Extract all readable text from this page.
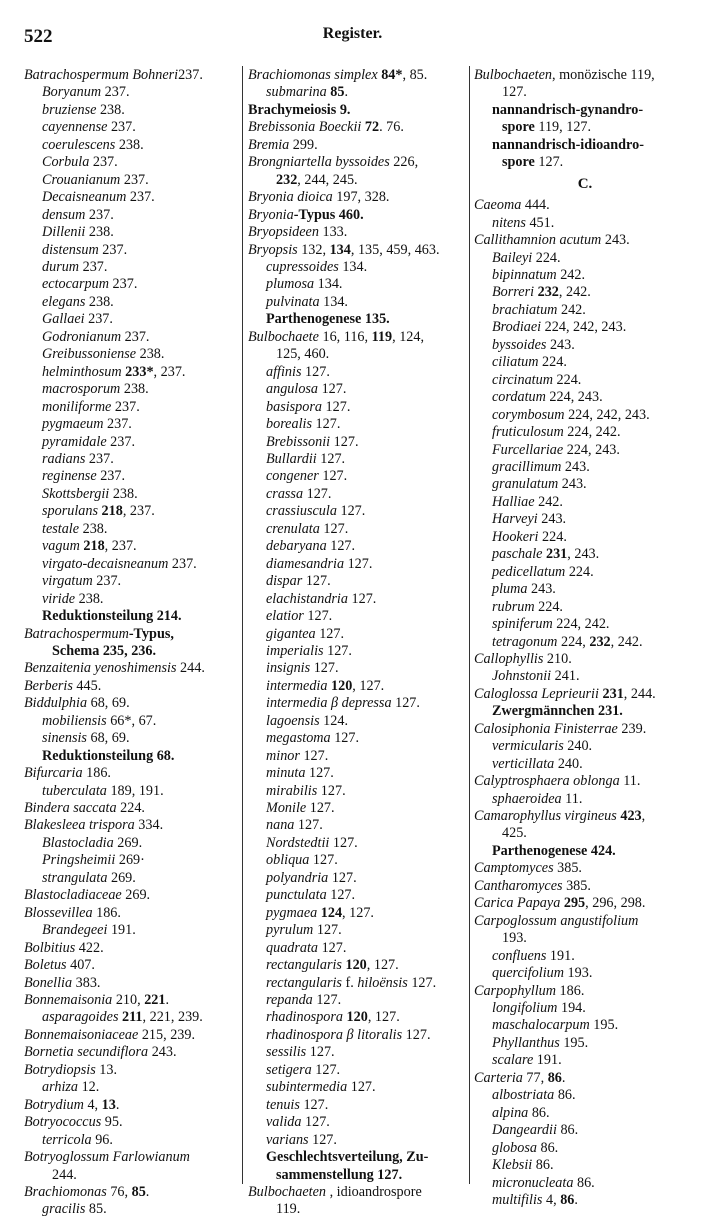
522	Register.
Batrachospermum Bohneri237.
Boryanum 237.
bruziense 238.
cayennense 237.
coerulescens 238.
Corbula 237.
Crouanianum 237.
Decaisneanum 237.
densum 237.
Dillenii 238.
distensum 237.
durum 237.
ectocarpum 237.
elegans 238.
Gallaei 237.
Godronianum 237.
Greibussoniense 238.
helminthosum 233*, 237.
macrosporum 238.
moniliforme 237.
pygmaeum 237.
pyramidale 237.
radians 237.
reginense 237.
Skottsbergii 238.
sporulans 218, 237.
testale 238.
vagum 218, 237.
virgato-decaisneanum 237.
virgatum 237.
viride 238.
Reduktionsteilung 214.
Batrachospermum-Typus,
Schema 235, 236.
Benzaitenia yenoshimensis 244.
Berberis 445.
Biddulphia 68, 69.
mobiliensis 66*, 67.
sinensis 68, 69.
Reduktionsteilung 68.
Bifurcaria 186.
tuberculata 189, 191.
Bindera saccata 224.
Blakesleea trispora 334.
Blastocladia 269.
Pringsheimii 269·
strangulata 269.
Blastocladiaceae 269.
Blossevillea 186.
Brandegeei 191.
Bolbitius 422.
Boletus 407.
Bonellia 383.
Bonnemaisonia 210, 221.
asparagoides 211, 221, 239.
Bonnemaisoniaceae 215, 239.
Bornetia secundiflora 243.
Botrydiopsis 13.
arhiza 12.
Botrydium 4, 13.
Botryococcus 95.
terricola 96.
Botryoglossum Farlowianum
244.
Brachiomonas 76, 85.
gracilis 85.
Brachiomonas simplex 84*, 85.
submarina 85.
Brachymeiosis 9.
Brebissonia Boeckii 72. 76.
Bremia 299.
Brongniartella byssoides 226,
232, 244, 245.
Bryonia dioica 197, 328.
Bryonia-Typus 460.
Bryopsideen 133.
Bryopsis 132, 134, 135, 459, 463.
cupressoides 134.
plumosa 134.
pulvinata 134.
Parthenogenese 135.
Bulbochaete 16, 116, 119, 124,
125, 460.
affinis 127.
angulosa 127.
basispora 127.
borealis 127.
Brebissonii 127.
Bullardii 127.
congener 127.
crassa 127.
crassiuscula 127.
crenulata 127.
debaryana 127.
diamesandria 127.
dispar 127.
elachistandria 127.
elatior 127.
gigantea 127.
imperialis 127.
insignis 127.
intermedia 120, 127.
intermedia β depressa 127.
lagoensis 124.
megastoma 127.
minor 127.
minuta 127.
mirabilis 127.
Monile 127.
nana 127.
Nordstedtii 127.
obliqua 127.
polyandria 127.
punctulata 127.
pygmaea 124, 127.
pyrulum 127.
quadrata 127.
rectangularis 120, 127.
rectangularis f. hiloënsis 127.
repanda 127.
rhadinospora 120, 127.
rhadinospora β litoralis 127.
sessilis 127.
setigera 127.
subintermedia 127.
tenuis 127.
valida 127.
varians 127.
Geschlechtsverteilung, Zu-
sammenstellung 127.
Bulbochaeten , idioandrospore
119.
Bulbochaeten, monözische 119,
127.
nannandrisch-gynandro-
spore 119, 127.
nannandrisch-idioandro-
spore 127.
C.
Caeoma 444.
nitens 451.
Callithamnion acutum 243.
Baileyi 224.
bipinnatum 242.
Borreri 232, 242.
brachiatum 242.
Brodiaei 224, 242, 243.
byssoides 243.
ciliatum 224.
circinatum 224.
cordatum 224, 243.
corymbosum 224, 242, 243.
fruticulosum 224, 242.
Furcellariae 224, 243.
gracillimum 243.
granulatum 243.
Halliae 242.
Harveyi 243.
Hookeri 224.
paschale 231, 243.
pedicellatum 224.
pluma 243.
rubrum 224.
spiniferum 224, 242.
tetragonum 224, 232, 242.
Callophyllis 210.
Johnstonii 241.
Caloglossa Leprieurii 231, 244.
Zwergmännchen 231.
Calosiphonia Finisterrae 239.
vermicularis 240.
verticillata 240.
Calyptrosphaera oblonga 11.
sphaeroidea 11.
Camarophyllus virgineus 423,
425.
Parthenogenese 424.
Camptomyces 385.
Cantharomyces 385.
Carica Papaya 295, 296, 298.
Carpoglossum angustifolium
193.
confluens 191.
quercifolium 193.
Carpophyllum 186.
longifolium 194.
maschalocarpum 195.
Phyllanthus 195.
scalare 191.
Carteria 77, 86.
albostriata 86.
alpina 86.
Dangeardii 86.
globosa 86.
Klebsii 86.
micronucleata 86.
multifilis 4, 86.
